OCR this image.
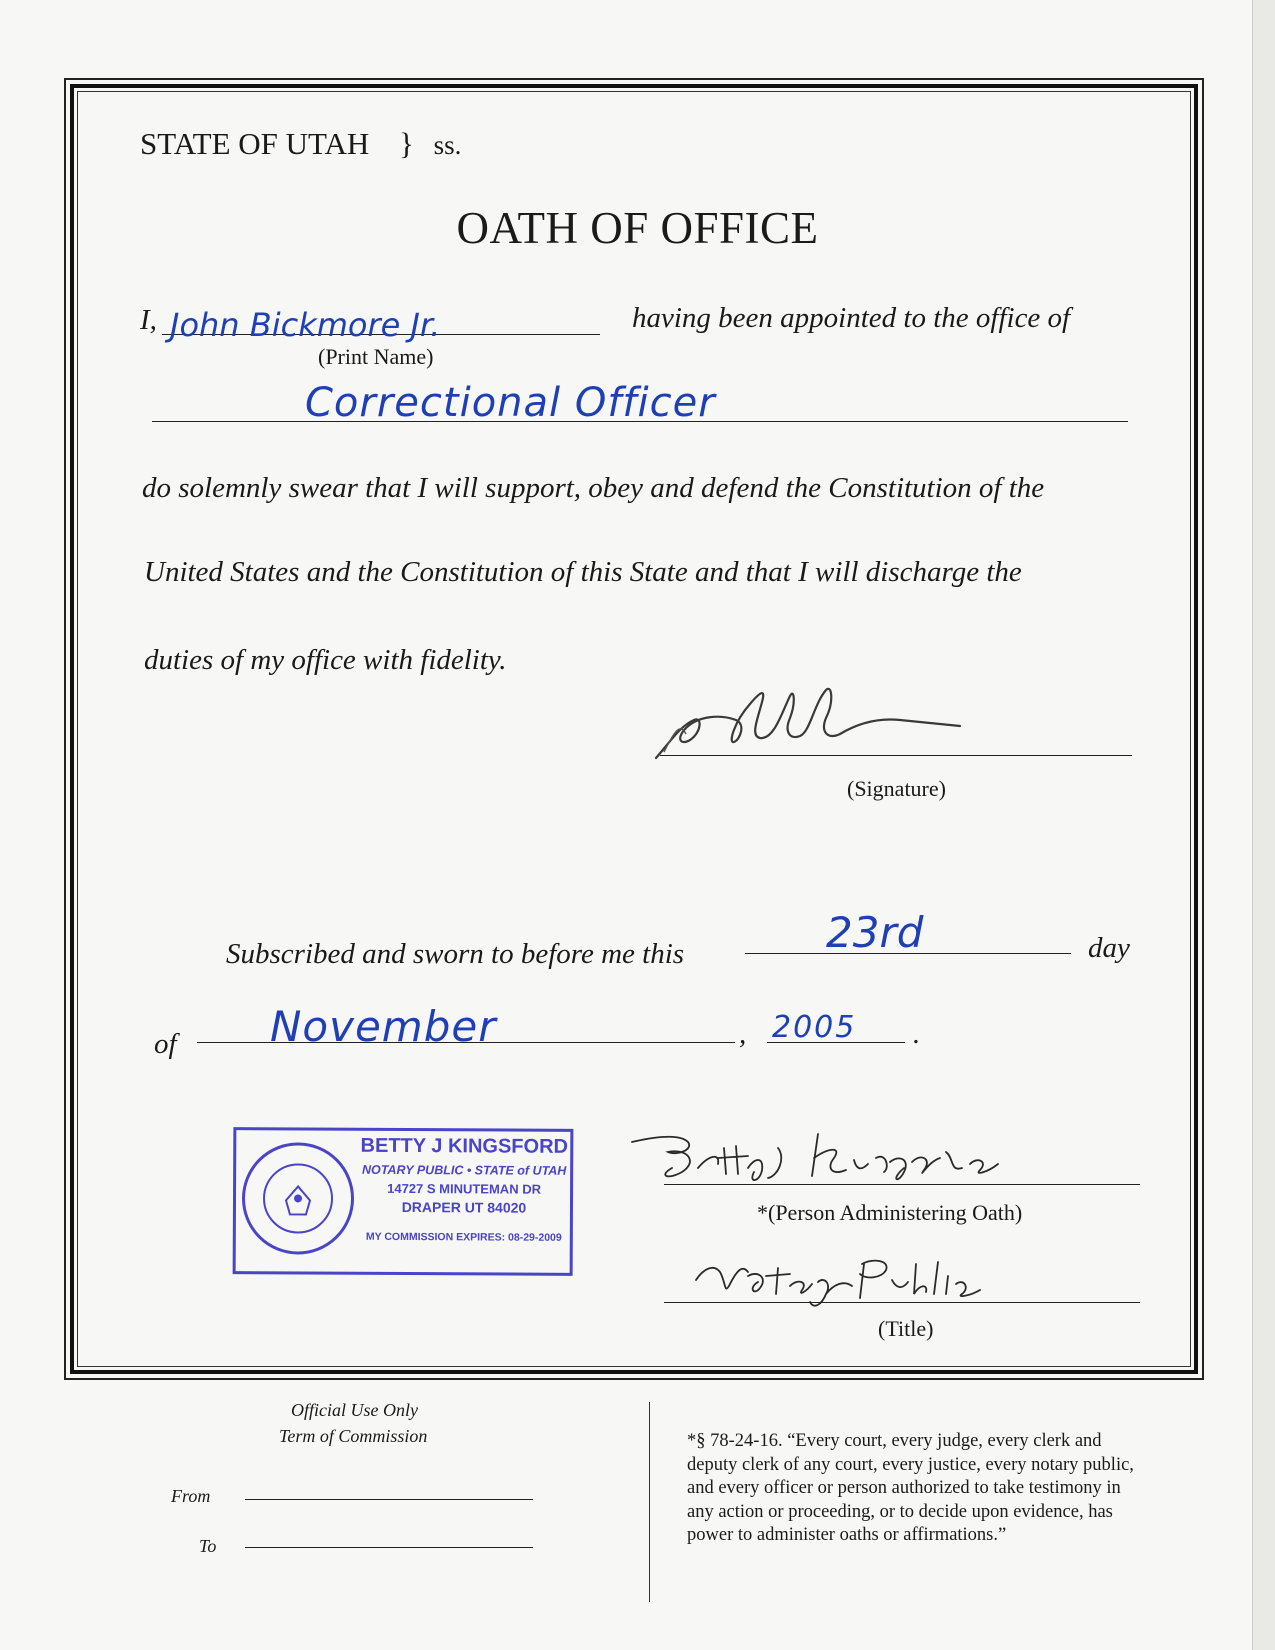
STATE OF UTAH } ss.
OATH OF OFFICE
I, John Bickmore Jr.
(Print Name)
having been appointed to the office of
Correctional Officer
do solemnly swear that I will support, obey and defend the Constitution of the
United States and the Constitution of this State and that I will discharge the
duties of my office with fidelity.
(Signature)
Subscribed and sworn to before me this	23rd	day
of November	, 2005 .
BETTY J KINGSFORD
NOTARY PUBLIC • STATE of UTAH
14727 S MINUTEMAN DR
DRAPER UT 84020
MY COMMISSION EXPIRES: 08-29-2009
*(Person Administering Oath)
(Title)
Official Use Only
Term of Commission
From
To
*§ 78-24-16. “Every court, every judge, every clerk and
deputy clerk of any court, every justice, every notary public,
and every officer or person authorized to take testimony in
any action or proceeding, or to decide upon evidence, has
power to administer oaths or affirmations.”
